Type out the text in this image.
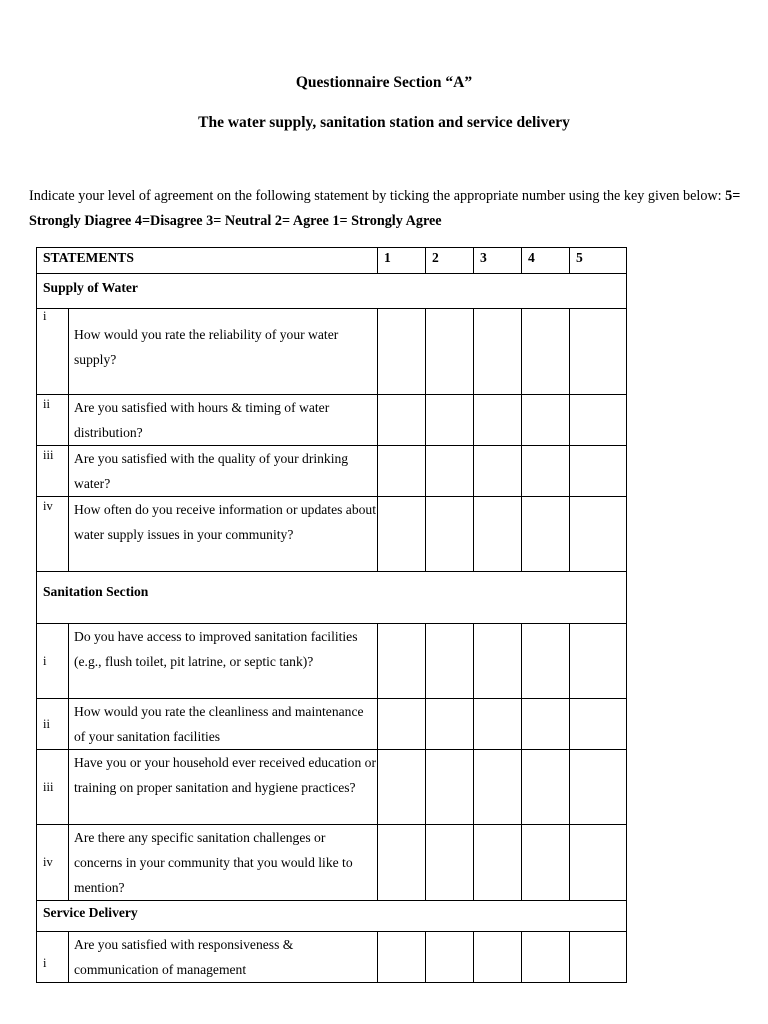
Questionnaire Section “A”
The water supply, sanitation station and service delivery

Indicate your level of agreement on the following statement by ticking the appropriate number using the key given below: 5= Strongly Diagree 4=Disagree 3= Neutral 2= Agree 1= Strongly Agree

STATEMENTS		1	2	3	4	5
Supply of Water						
i	How would you rate the reliability of your water supply?					
ii	Are you satisfied with hours & timing of water distribution?					
iii	Are you satisfied with the quality of your drinking water?					
iv	How often do you receive information or updates about water supply issues in your community?					
Sanitation Section						
i	Do you have access to improved sanitation facilities (e.g., flush toilet, pit latrine, or septic tank)?					
ii	How would you rate the cleanliness and maintenance of your sanitation facilities					
iii	Have you or your household ever received education or training on proper sanitation and hygiene practices?					
iv	Are there any specific sanitation challenges or concerns in your community that you would like to mention?					
Service Delivery						
i	Are you satisfied with responsiveness & communication of management					
